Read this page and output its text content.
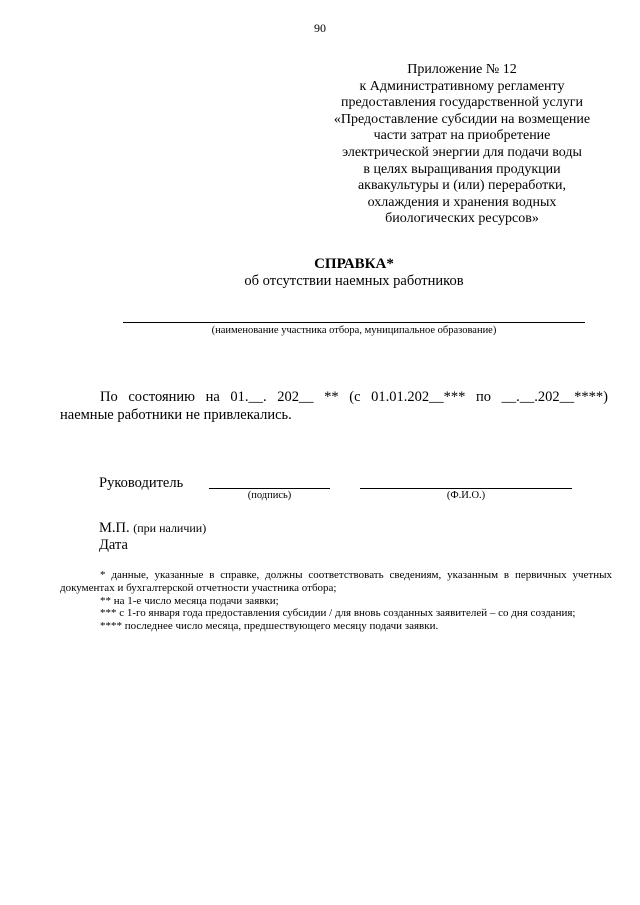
90
Приложение № 12
к Административному регламенту
предоставления государственной услуги
«Предоставление субсидии на возмещение
части затрат на приобретение
электрической энергии для подачи воды
в целях выращивания продукции
аквакультуры и (или) переработки,
охлаждения и хранения водных
биологических ресурсов»
СПРАВКА*
об отсутствии наемных работников
(наименование участника отбора, муниципальное образование)
По состоянию на 01.__. 202__ ** (с 01.01.202__*** по __.__.202__****)
наемные работники не привлекались.
Руководитель
(подпись)	(Ф.И.О.)
М.П. (при наличии)
Дата
* данные, указанные в справке, должны соответствовать сведениям, указанным в первичных учетных документах и бухгалтерской отчетности участника отбора;
** на 1-е число месяца подачи заявки;
*** с 1-го января года предоставления субсидии / для вновь созданных заявителей – со дня создания;
**** последнее число месяца, предшествующего месяцу подачи заявки.
